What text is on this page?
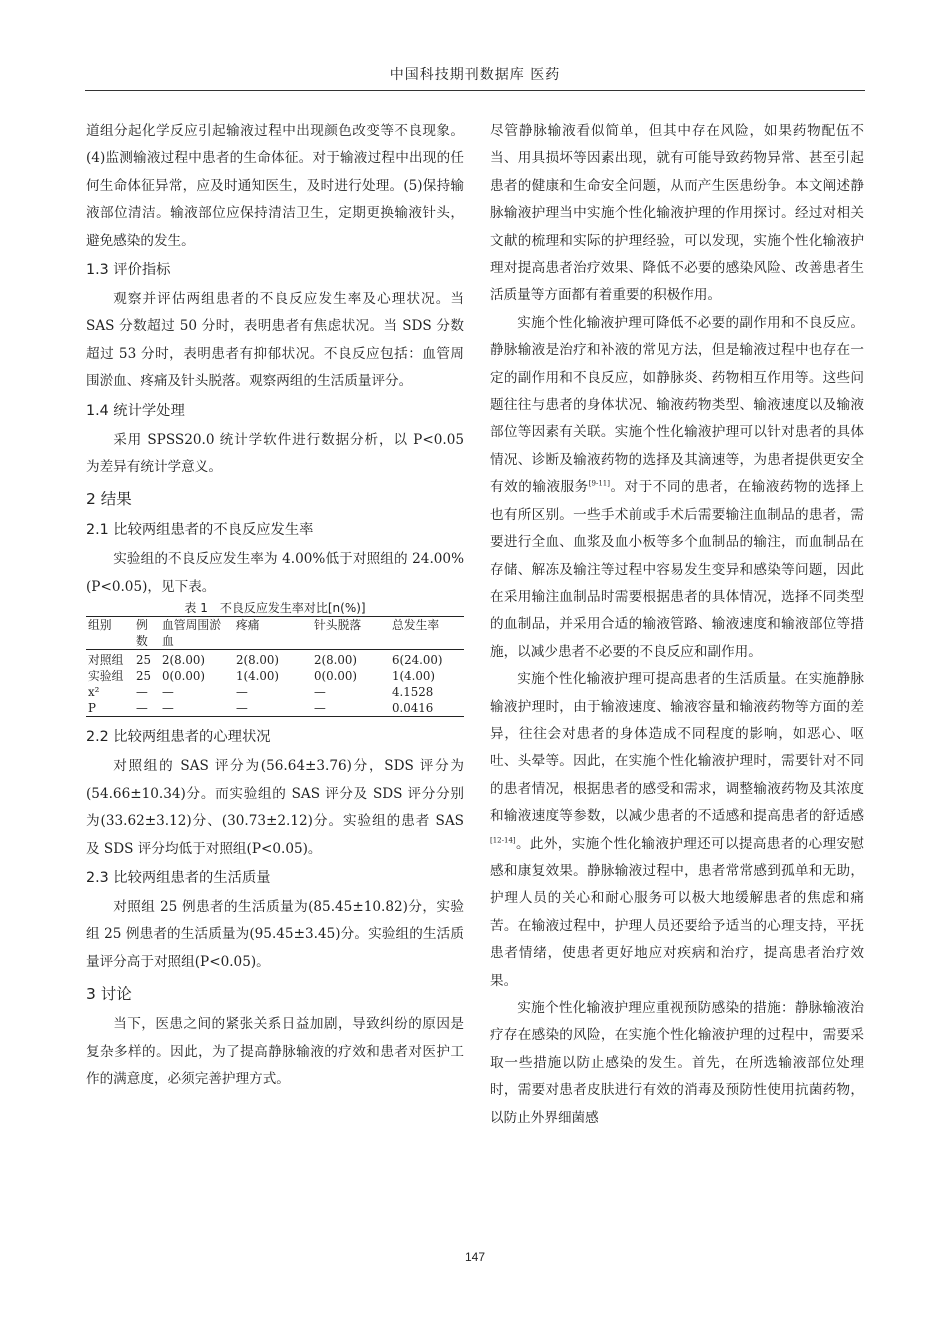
中国科技期刊数据库 医药

道组分起化学反应引起输液过程中出现颜色改变等不良现象。(4)监测输液过程中患者的生命体征。对于输液过程中出现的任何生命体征异常，应及时通知医生，及时进行处理。(5)保持输液部位清洁。输液部位应保持清洁卫生，定期更换输液针头，避免感染的发生。

1.3 评价指标

观察并评估两组患者的不良反应发生率及心理状况。当 SAS 分数超过 50 分时，表明患者有焦虑状况。当 SDS 分数超过 53 分时，表明患者有抑郁状况。不良反应包括：血管周围淤血、疼痛及针头脱落。观察两组的生活质量评分。

1.4 统计学处理

采用 SPSS20.0 统计学软件进行数据分析，以 P<0.05 为差异有统计学意义。

2 结果
2.1 比较两组患者的不良反应发生率

实验组的不良反应发生率为 4.00%低于对照组的 24.00%(P<0.05)，见下表。

表 1　不良反应发生率对比[n(%)]
组别	例数	血管周围淤血	疼痛	针头脱落	总发生率
对照组	25	2(8.00)	2(8.00)	2(8.00)	6(24.00)
实验组	25	0(0.00)	1(4.00)	0(0.00)	1(4.00)
x²	—	—	—	—	4.1528
P	—	—	—	—	0.0416
2.2 比较两组患者的心理状况

对照组的 SAS 评分为(56.64±3.76)分，SDS 评分为(54.66±10.34)分。而实验组的 SAS 评分及 SDS 评分分别为(33.62±3.12)分、(30.73±2.12)分。实验组的患者 SAS 及 SDS 评分均低于对照组(P<0.05)。

2.3 比较两组患者的生活质量

对照组 25 例患者的生活质量为(85.45±10.82)分，实验组 25 例患者的生活质量为(95.45±3.45)分。实验组的生活质量评分高于对照组(P<0.05)。

3 讨论

当下，医患之间的紧张关系日益加剧，导致纠纷的原因是复杂多样的。因此，为了提高静脉输液的疗效和患者对医护工作的满意度，必须完善护理方式。

尽管静脉输液看似简单，但其中存在风险，如果药物配伍不当、用具损坏等因素出现，就有可能导致药物异常、甚至引起患者的健康和生命安全问题，从而产生医患纷争。本文阐述静脉输液护理当中实施个性化输液护理的作用探讨。经过对相关文献的梳理和实际的护理经验，可以发现，实施个性化输液护理对提高患者治疗效果、降低不必要的感染风险、改善患者生活质量等方面都有着重要的积极作用。

实施个性化输液护理可降低不必要的副作用和不良反应。静脉输液是治疗和补液的常见方法，但是输液过程中也存在一定的副作用和不良反应，如静脉炎、药物相互作用等。这些问题往往与患者的身体状况、输液药物类型、输液速度以及输液部位等因素有关联。实施个性化输液护理可以针对患者的具体情况、诊断及输液药物的选择及其滴速等，为患者提供更安全有效的输液服务[9-11]。对于不同的患者，在输液药物的选择上也有所区别。一些手术前或手术后需要输注血制品的患者，需要进行全血、血浆及血小板等多个血制品的输注，而血制品在存储、解冻及输注等过程中容易发生变异和感染等问题，因此在采用输注血制品时需要根据患者的具体情况，选择不同类型的血制品，并采用合适的输液管路、输液速度和输液部位等措施，以减少患者不必要的不良反应和副作用。

实施个性化输液护理可提高患者的生活质量。在实施静脉输液护理时，由于输液速度、输液容量和输液药物等方面的差异，往往会对患者的身体造成不同程度的影响，如恶心、呕吐、头晕等。因此，在实施个性化输液护理时，需要针对不同的患者情况，根据患者的感受和需求，调整输液药物及其浓度和输液速度等参数，以减少患者的不适感和提高患者的舒适感[12-14]。此外，实施个性化输液护理还可以提高患者的心理安慰感和康复效果。静脉输液过程中，患者常常感到孤单和无助，护理人员的关心和耐心服务可以极大地缓解患者的焦虑和痛苦。在输液过程中，护理人员还要给予适当的心理支持，平抚患者情绪，使患者更好地应对疾病和治疗，提高患者治疗效果。

实施个性化输液护理应重视预防感染的措施：静脉输液治疗存在感染的风险，在实施个性化输液护理的过程中，需要采取一些措施以防止感染的发生。首先，在所选输液部位处理时，需要对患者皮肤进行有效的消毒及预防性使用抗菌药物，以防止外界细菌感

147
